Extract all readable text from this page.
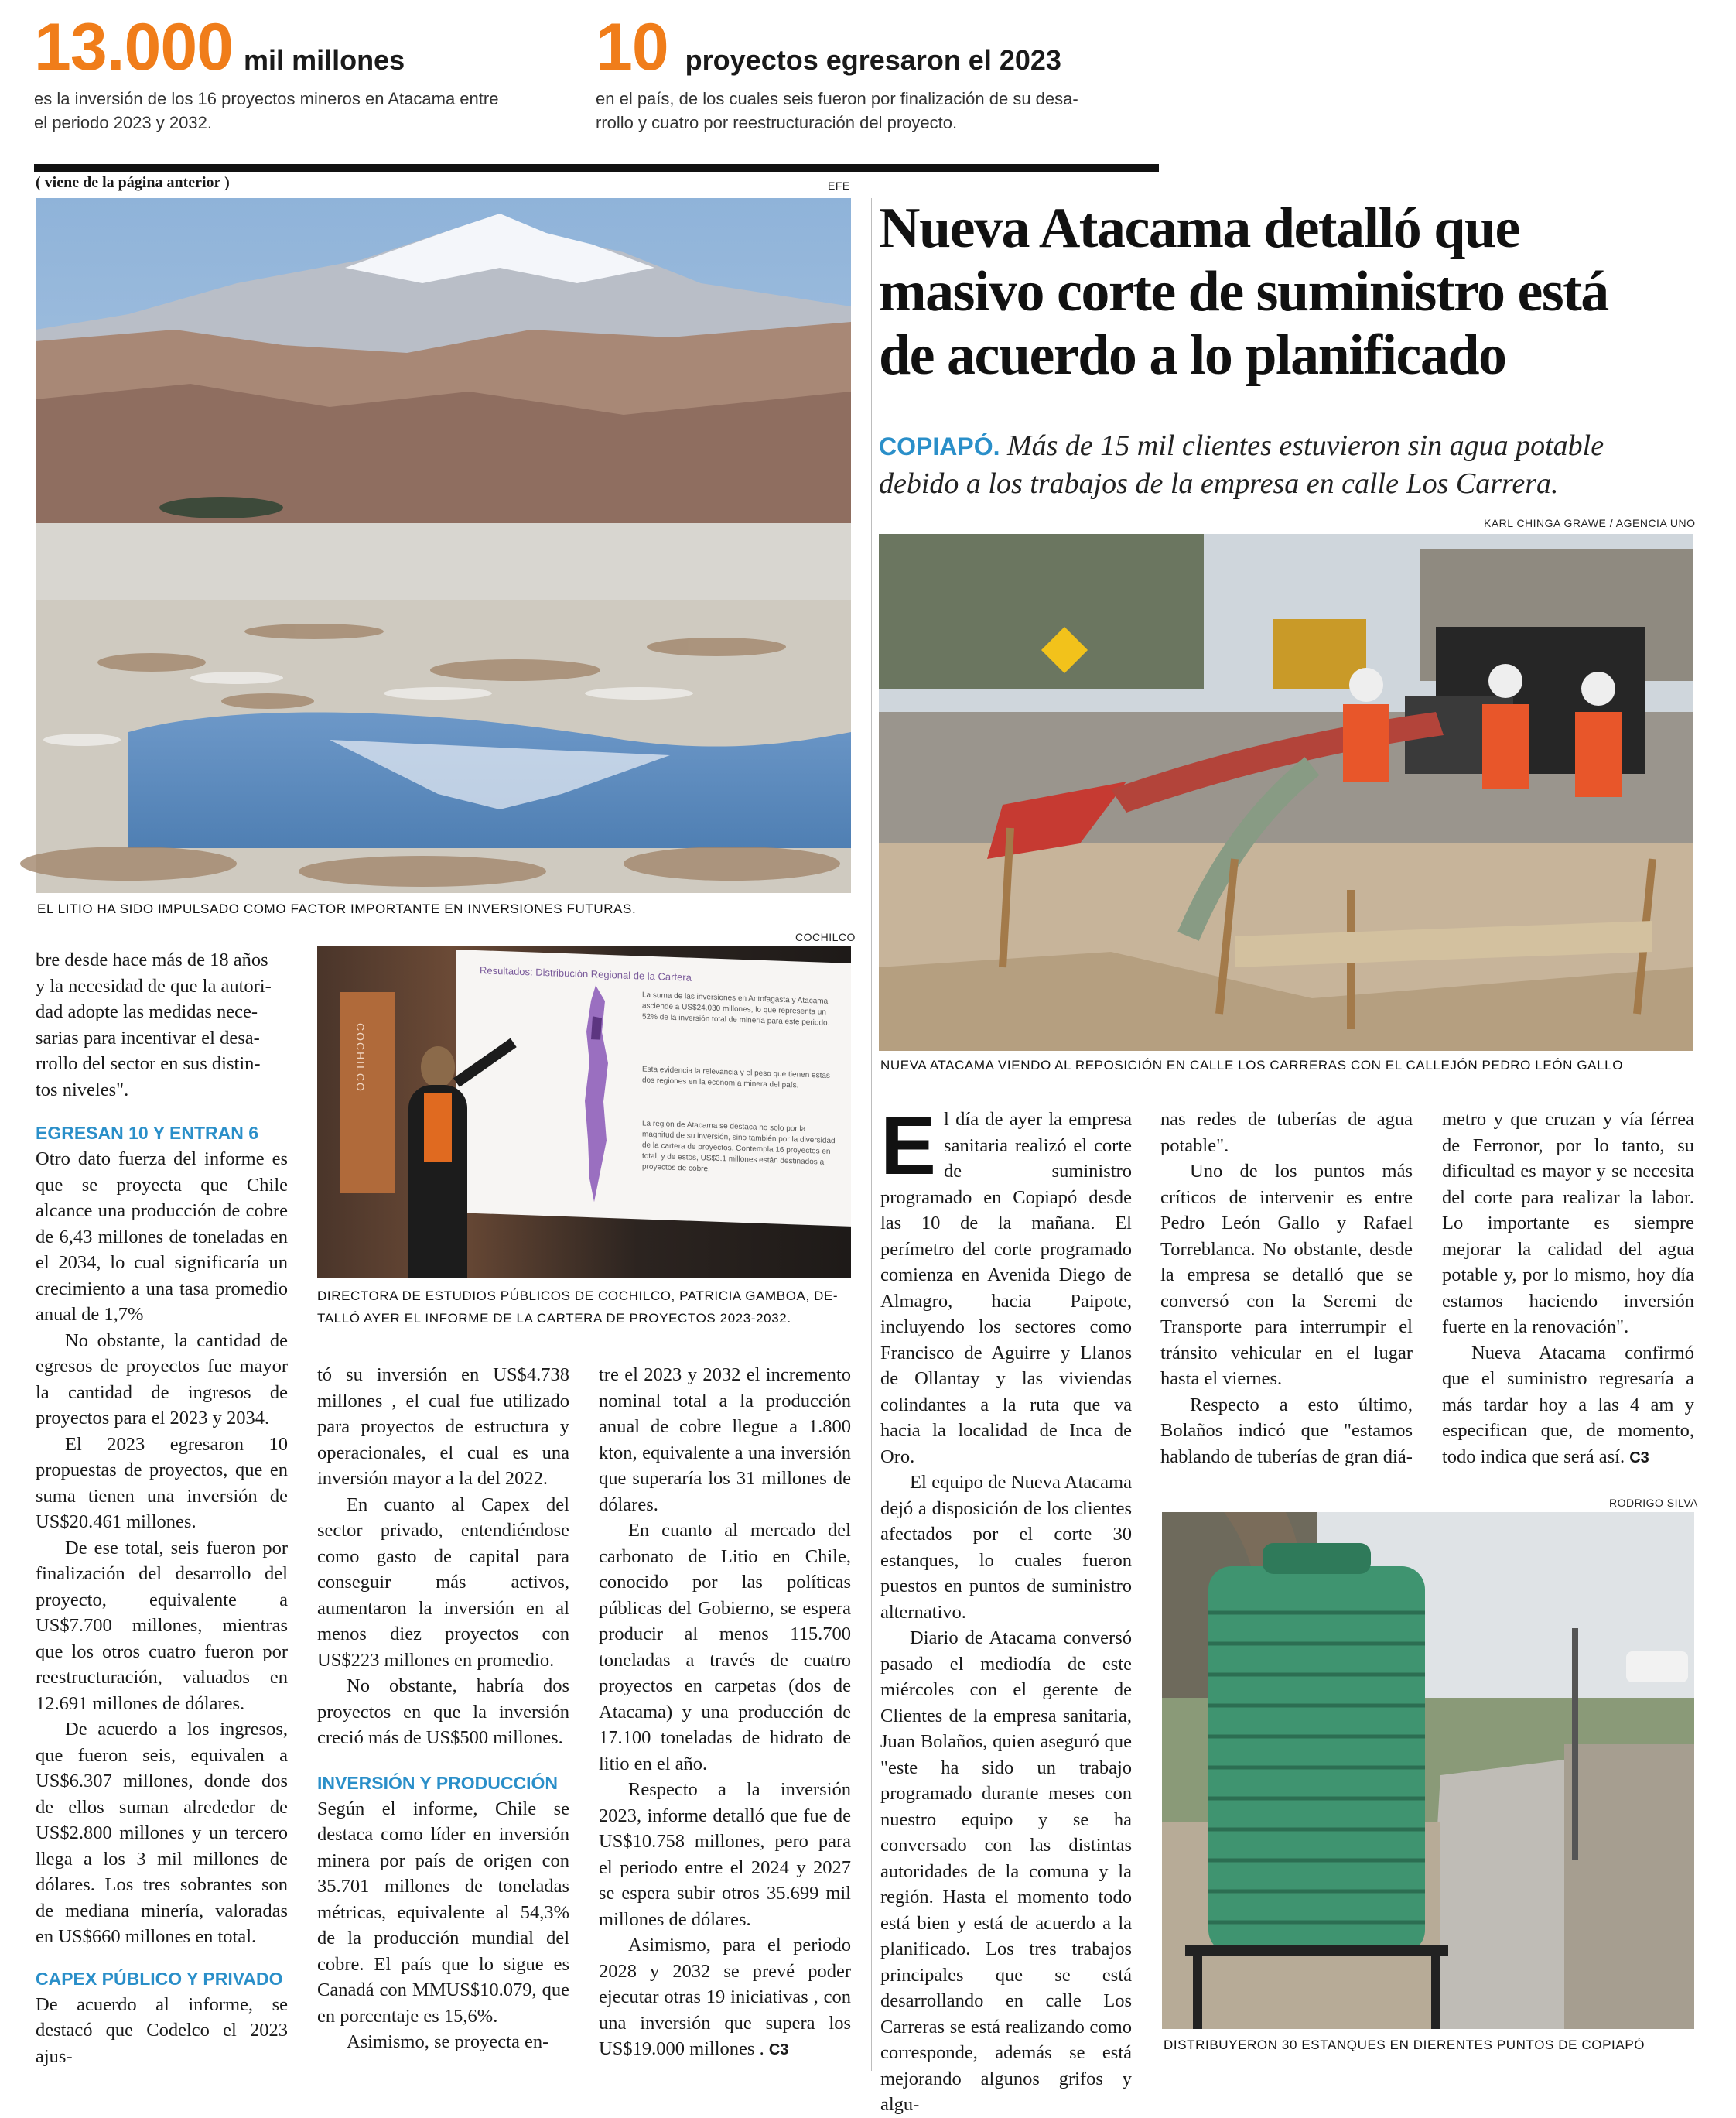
13.000 mil millones
es la inversión de los 16 proyectos mineros en Atacama entre
el periodo 2023 y 2032.
10 proyectos egresaron el 2023
en el país, de los cuales seis fueron por finalización de su desa-
rrollo y cuatro por reestructuración del proyecto.
( viene de la página anterior )	EFE
EL LITIO HA SIDO IMPULSADO COMO FACTOR IMPORTANTE EN INVERSIONES FUTURAS.
COCHILCO
COCHILCO
Resultados: Distribución Regional de la Cartera
La suma de las inversiones en Antofagasta y Atacama asciende a US$24.030 millones, lo que representa un 52% de la inversión total de minería para este periodo.
Esta evidencia la relevancia y el peso que tienen estas dos regiones en la economía minera del país.
La región de Atacama se destaca no solo por la magnitud de su inversión, sino también por la diversidad de la cartera de proyectos. Contempla 16 proyectos en total, y de estos, US$3.1 millones están destinados a proyectos de cobre.
DIRECTORA DE ESTUDIOS PÚBLICOS DE COCHILCO, PATRICIA GAMBOA, DE-
TALLÓ AYER EL INFORME DE LA CARTERA DE PROYECTOS 2023-2032.
bre desde hace más de 18 años
y la necesidad de que la autori-
dad adopte las medidas nece-
sarias para incentivar el desa-
rrollo del sector en sus distin-
tos niveles".
EGRESAN 10 Y ENTRAN 6

Otro dato fuerza del informe es que se proyecta que Chile alcance una producción de cobre de 6,43 millones de toneladas en el 2034, lo cual significaría un crecimiento a una tasa promedio anual de 1,7%

No obstante, la cantidad de egresos de proyectos fue mayor la cantidad de ingresos de proyectos para el 2023 y 2034.

El 2023 egresaron 10 propuestas de proyectos, que en suma tienen una inversión de US$20.461 millones.

De ese total, seis fueron por finalización del desarrollo del proyecto, equivalente a US$7.700 millones, mientras que los otros cuatro fueron por reestructuración, valuados en 12.691 millones de dólares.

De acuerdo a los ingresos, que fueron seis, equivalen a US$6.307 millones, donde dos de ellos suman alrededor de US$2.800 millones y un tercero llega a los 3 mil millones de dólares. Los tres sobrantes son de mediana minería, valoradas en US$660 millones en total.

CAPEX PÚBLICO Y PRIVADO

De acuerdo al informe, se destacó que Codelco el 2023 ajus-

tó su inversión en US$4.738 millones , el cual fue utilizado para proyectos de estructura y operacionales, el cual es una inversión mayor a la del 2022.

En cuanto al Capex del sector privado, entendiéndose como gasto de capital para conseguir más activos, aumentaron la inversión en al menos diez proyectos con US$223 millones en promedio.

No obstante, habría dos proyectos en que la inversión creció más de US$500 millones.

INVERSIÓN Y PRODUCCIÓN

Según el informe, Chile se destaca como líder en inversión minera por país de origen con 35.701 millones de toneladas métricas, equivalente al 54,3% de la producción mundial del cobre. El país que lo sigue es Canadá con MMUS$10.079, que en porcentaje es 15,6%.

Asimismo, se proyecta en-

tre el 2023 y 2032 el incremento nominal total a la producción anual de cobre llegue a 1.800 kton, equivalente a una inversión que superaría los 31 millones de dólares.

En cuanto al mercado del carbonato de Litio en Chile, conocido por las políticas públicas del Gobierno, se espera producir al menos 115.700 toneladas a través de cuatro proyectos en carpetas (dos de Atacama) y una producción de 17.100 toneladas de hidrato de litio en el año.

Respecto a la inversión 2023, informe detalló que fue de US$10.758 millones, pero para el periodo entre el 2024 y 2027 se espera subir otros 35.699 mil millones de dólares.

Asimismo, para el periodo 2028 y 2032 se prevé poder ejecutar otras 19 iniciativas , con una inversión que supera los US$19.000 millones . C3

Nueva Atacama detalló que
masivo corte de suministro está
de acuerdo a lo planificado
COPIAPÓ. Más de 15 mil clientes estuvieron sin agua potable
debido a los trabajos de la empresa en calle Los Carrera.
KARL CHINGA GRAWE / AGENCIA UNO
NUEVA ATACAMA VIENDO AL REPOSICIÓN EN CALLE LOS CARRERAS CON EL CALLEJÓN PEDRO LEÓN GALLO

El día de ayer la empresa sanitaria realizó el corte de suministro programado en Copiapó desde las 10 de la mañana. El perímetro del corte programado comienza en Avenida Diego de Almagro, hacia Paipote, incluyendo los sectores como Francisco de Aguirre y Llanos de Ollantay y las viviendas colindantes a la ruta que va hacia la localidad de Inca de Oro.

El equipo de Nueva Atacama dejó a disposición de los clientes afectados por el corte 30 estanques, lo cuales fueron puestos en puntos de suministro alternativo.

Diario de Atacama conversó pasado el mediodía de este miércoles con el gerente de Clientes de la empresa sanitaria, Juan Bolaños, quien aseguró que "este ha sido un trabajo programado durante meses con nuestro equipo y se ha conversado con las distintas autoridades de la comuna y la región. Hasta el momento todo está bien y está de acuerdo a la planificado. Los tres trabajos principales que se está desarrollando en calle Los Carreras se está realizando como corresponde, además se está mejorando algunos grifos y algu-

nas redes de tuberías de agua potable".

Uno de los puntos más críticos de intervenir es entre Pedro León Gallo y Rafael Torreblanca. No obstante, desde la empresa se detalló que se conversó con la Seremi de Transporte para interrumpir el tránsito vehicular en el lugar hasta el viernes.

Respecto a esto último, Bolaños indicó que "estamos hablando de tuberías de gran diá-

metro y que cruzan y vía férrea de Ferronor, por lo tanto, su dificultad es mayor y se necesita del corte para realizar la labor. Lo importante es siempre mejorar la calidad del agua potable y, por lo mismo, hoy día estamos haciendo inversión fuerte en la renovación".

Nueva Atacama confirmó que el suministro regresaría a más tardar hoy a las 4 am y especifican que, de momento, todo indica que será así. C3

RODRIGO SILVA
DISTRIBUYERON 30 ESTANQUES EN DIERENTES PUNTOS DE COPIAPÓ
